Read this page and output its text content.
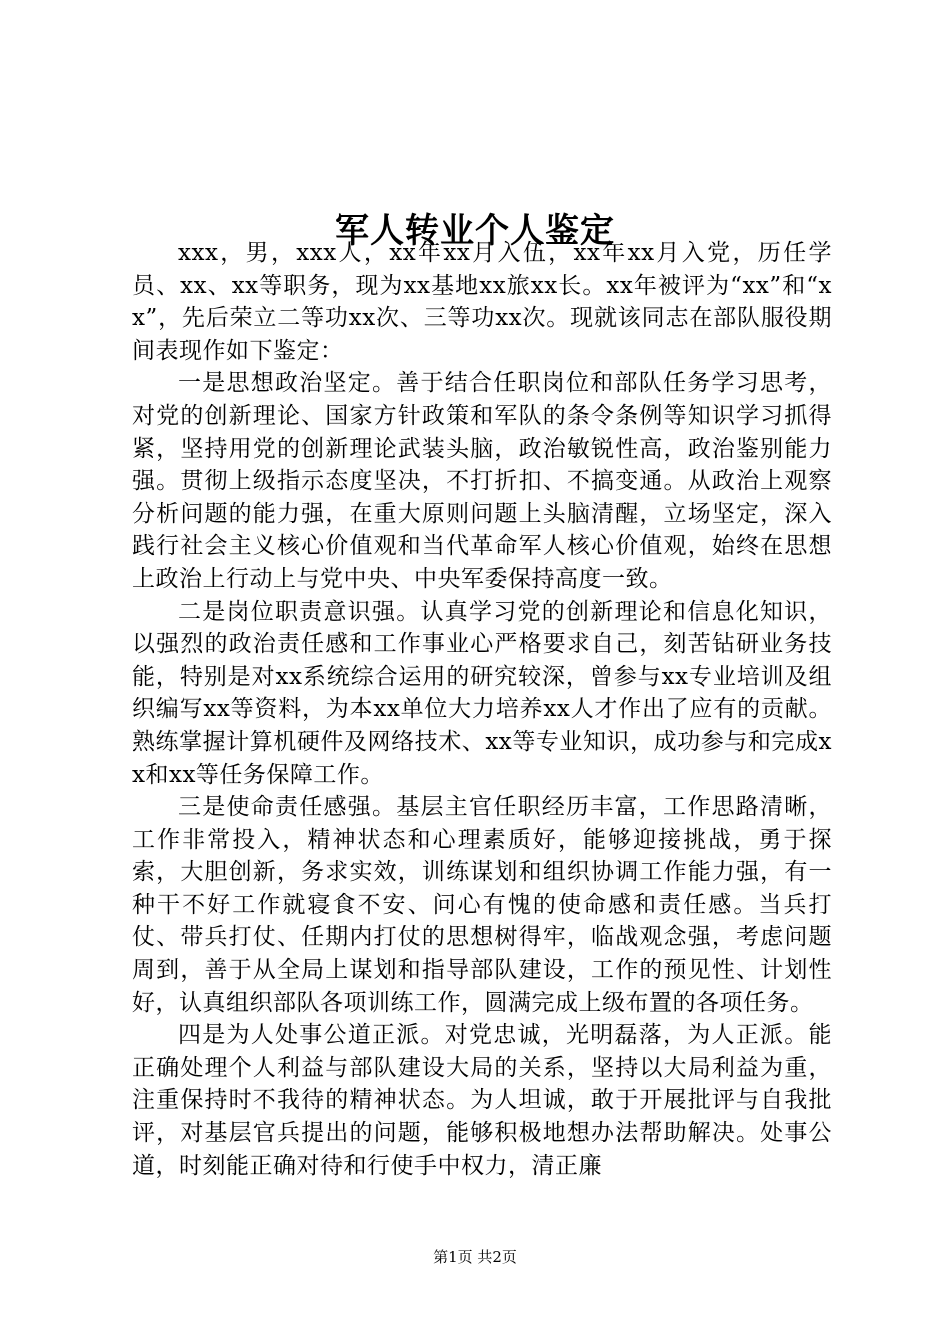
军人转业个人鉴定

xxx，男，xxx人，xx年xx月入伍，xx年xx月入党，历任学员、xx、xx等职务，现为xx基地xx旅xx长。xx年被评为“xx”和“xx”，先后荣立二等功xx次、三等功xx次。现就该同志在部队服役期间表现作如下鉴定：

一是思想政治坚定。善于结合任职岗位和部队任务学习思考，对党的创新理论、国家方针政策和军队的条令条例等知识学习抓得紧，坚持用党的创新理论武装头脑，政治敏锐性高，政治鉴别能力强。贯彻上级指示态度坚决，不打折扣、不搞变通。从政治上观察分析问题的能力强，在重大原则问题上头脑清醒，立场坚定，深入践行社会主义核心价值观和当代革命军人核心价值观，始终在思想上政治上行动上与党中央、中央军委保持高度一致。

二是岗位职责意识强。认真学习党的创新理论和信息化知识，以强烈的政治责任感和工作事业心严格要求自己，刻苦钻研业务技能，特别是对xx系统综合运用的研究较深，曾参与xx专业培训及组织编写xx等资料，为本xx单位大力培养xx人才作出了应有的贡献。熟练掌握计算机硬件及网络技术、xx等专业知识，成功参与和完成xx和xx等任务保障工作。

三是使命责任感强。基层主官任职经历丰富，工作思路清晰，工作非常投入，精神状态和心理素质好，能够迎接挑战，勇于探索，大胆创新，务求实效，训练谋划和组织协调工作能力强，有一种干不好工作就寝食不安、问心有愧的使命感和责任感。当兵打仗、带兵打仗、任期内打仗的思想树得牢，临战观念强，考虑问题周到，善于从全局上谋划和指导部队建设，工作的预见性、计划性好，认真组织部队各项训练工作，圆满完成上级布置的各项任务。

四是为人处事公道正派。对党忠诚，光明磊落，为人正派。能正确处理个人利益与部队建设大局的关系，坚持以大局利益为重，注重保持时不我待的精神状态。为人坦诚，敢于开展批评与自我批评，对基层官兵提出的问题，能够积极地想办法帮助解决。处事公道，时刻能正确对待和行使手中权力，清正廉

第1页 共2页
